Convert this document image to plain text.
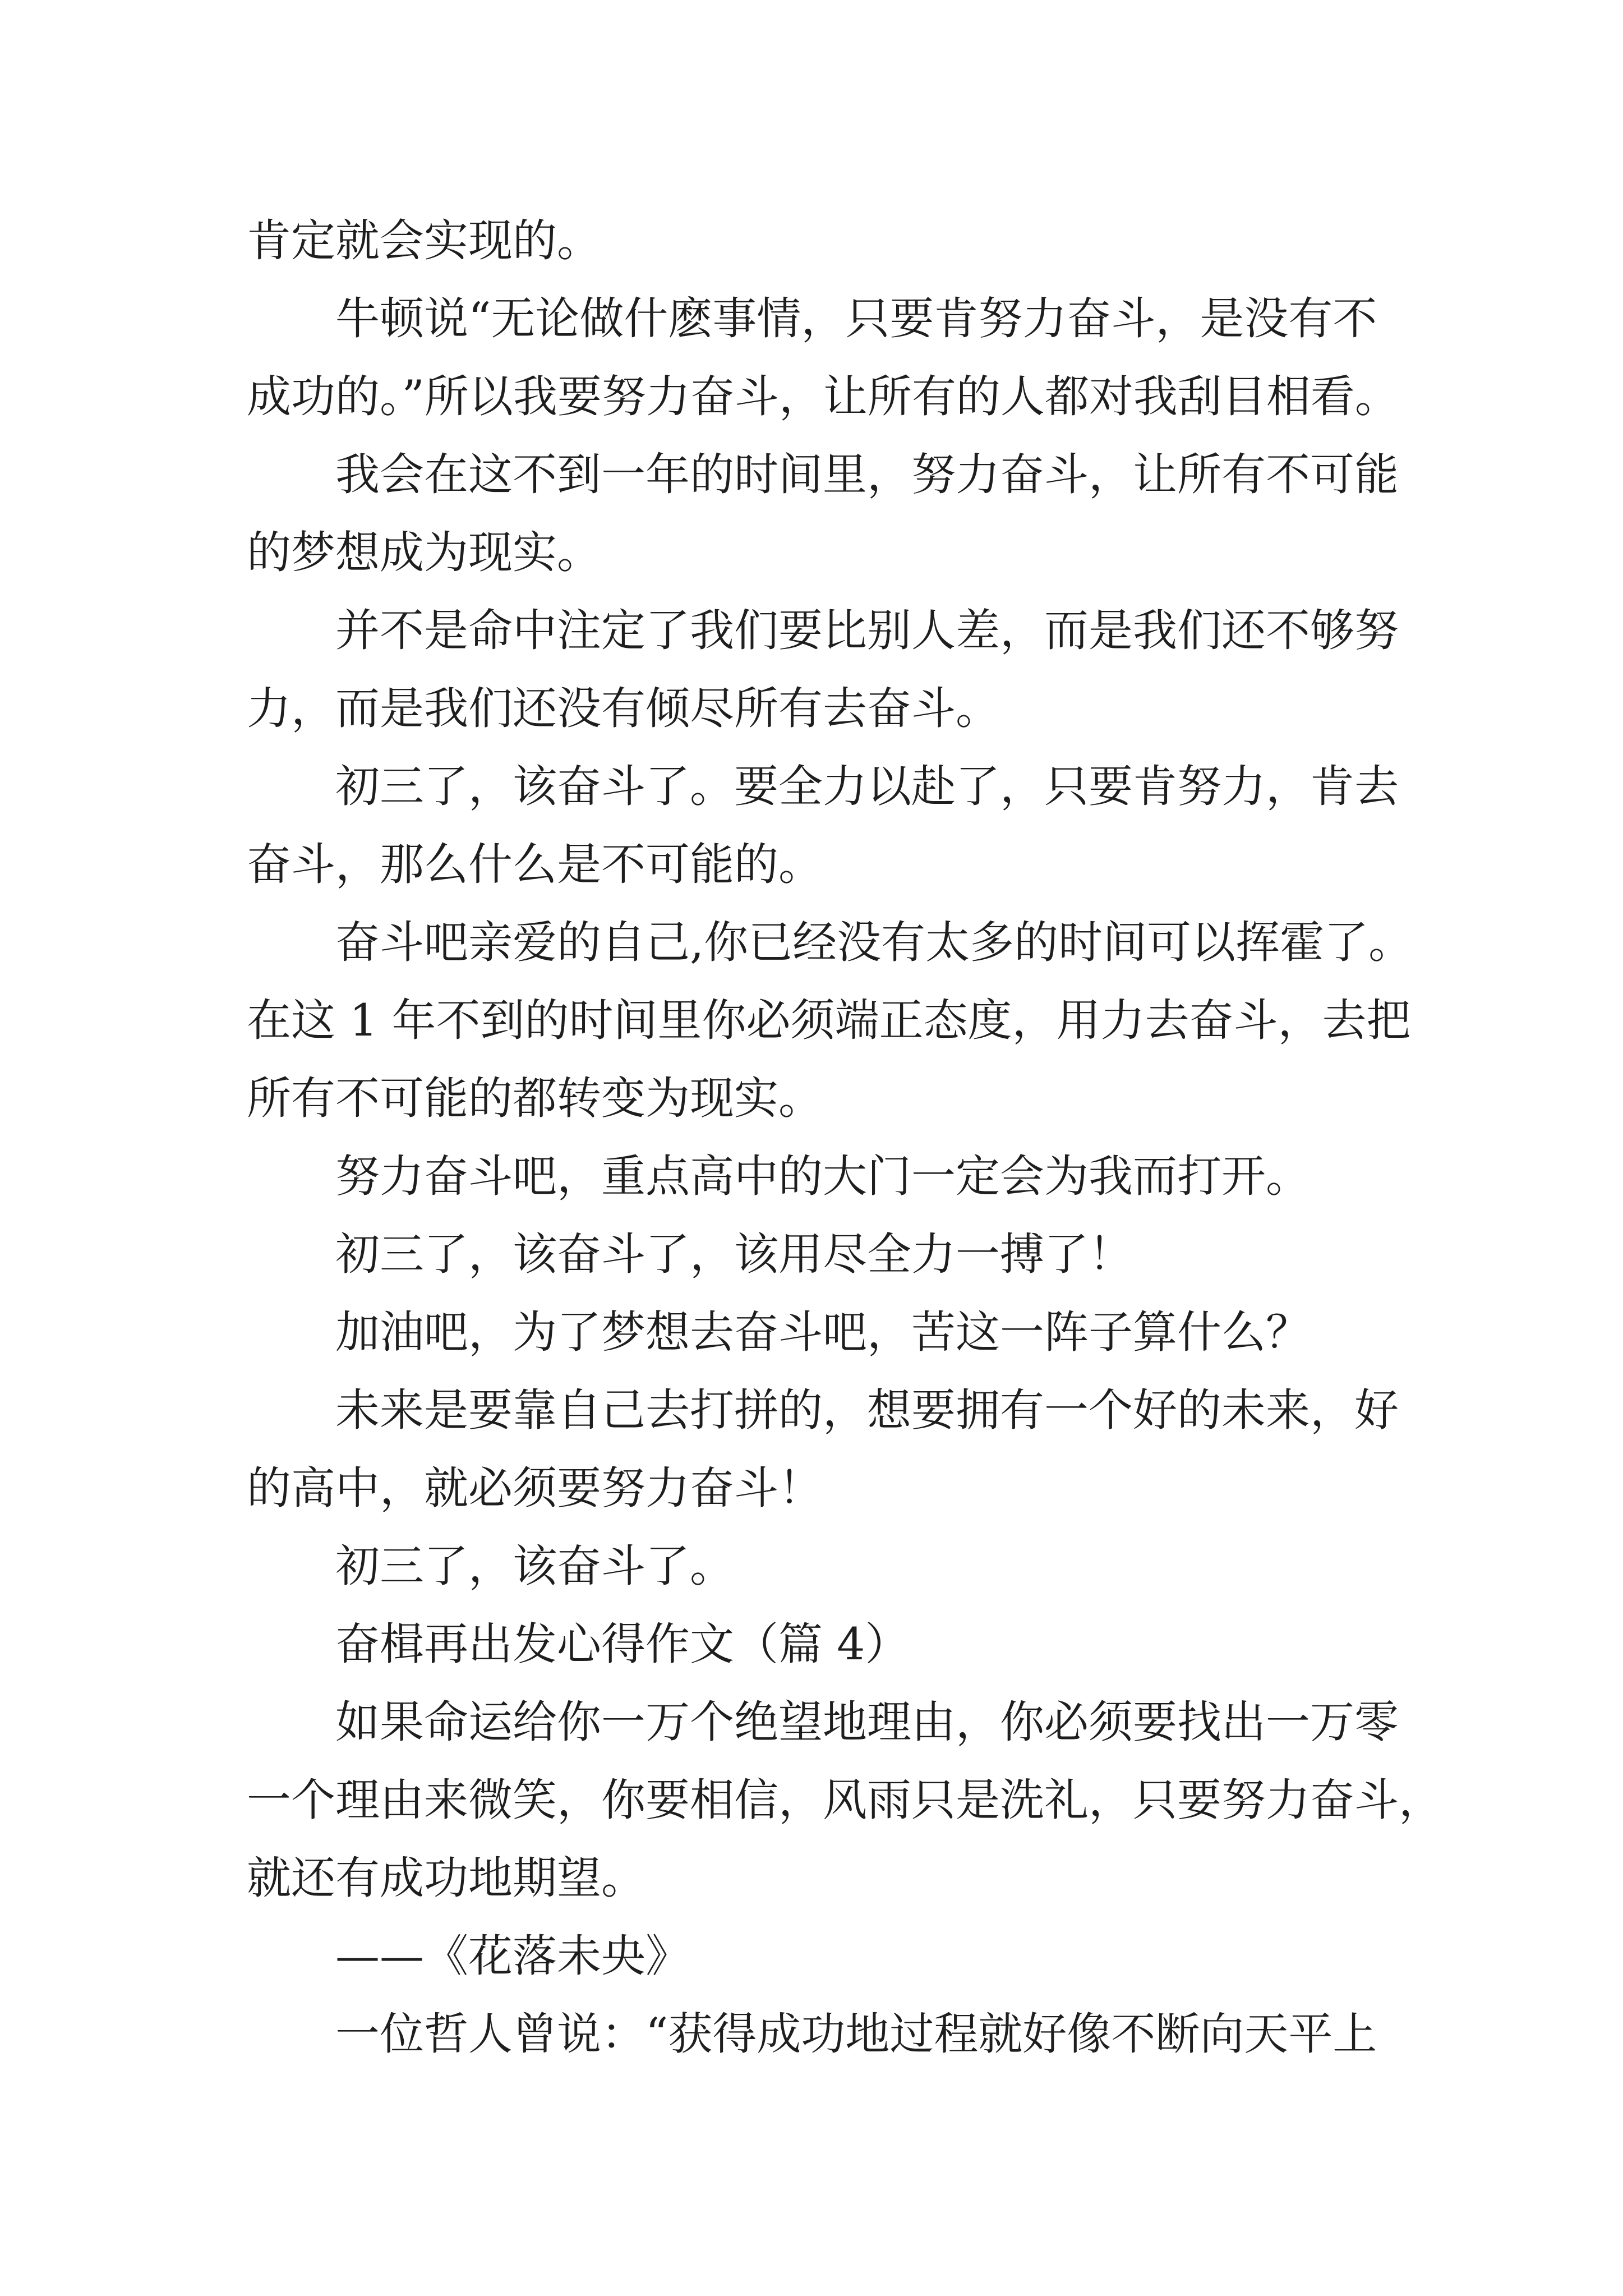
肯定就会实现的。

牛顿说“无论做什麽事情，只要肯努力奋斗，是没有不
成功的。”所以我要努力奋斗，让所有的人都对我刮目相看。

我会在这不到一年的时间里，努力奋斗，让所有不可能
的梦想成为现实。

并不是命中注定了我们要比别人差，而是我们还不够努
力，而是我们还没有倾尽所有去奋斗。

初三了，该奋斗了。要全力以赴了，只要肯努力，肯去
奋斗，那么什么是不可能的。

奋斗吧亲爱的自己,你已经没有太多的时间可以挥霍了。
在这 1 年不到的时间里你必须端正态度，用力去奋斗，去把
所有不可能的都转变为现实。

努力奋斗吧，重点高中的大门一定会为我而打开。

初三了，该奋斗了，该用尽全力一搏了！

加油吧，为了梦想去奋斗吧，苦这一阵子算什么？

未来是要靠自己去打拼的，想要拥有一个好的未来，好
的高中，就必须要努力奋斗！

初三了，该奋斗了。

奋楫再出发心得作文（篇 4）

如果命运给你一万个绝望地理由，你必须要找出一万零
一个理由来微笑，你要相信，风雨只是洗礼，只要努力奋斗，
就还有成功地期望。

——《花落未央》

一位哲人曾说：“获得成功地过程就好像不断向天平上
